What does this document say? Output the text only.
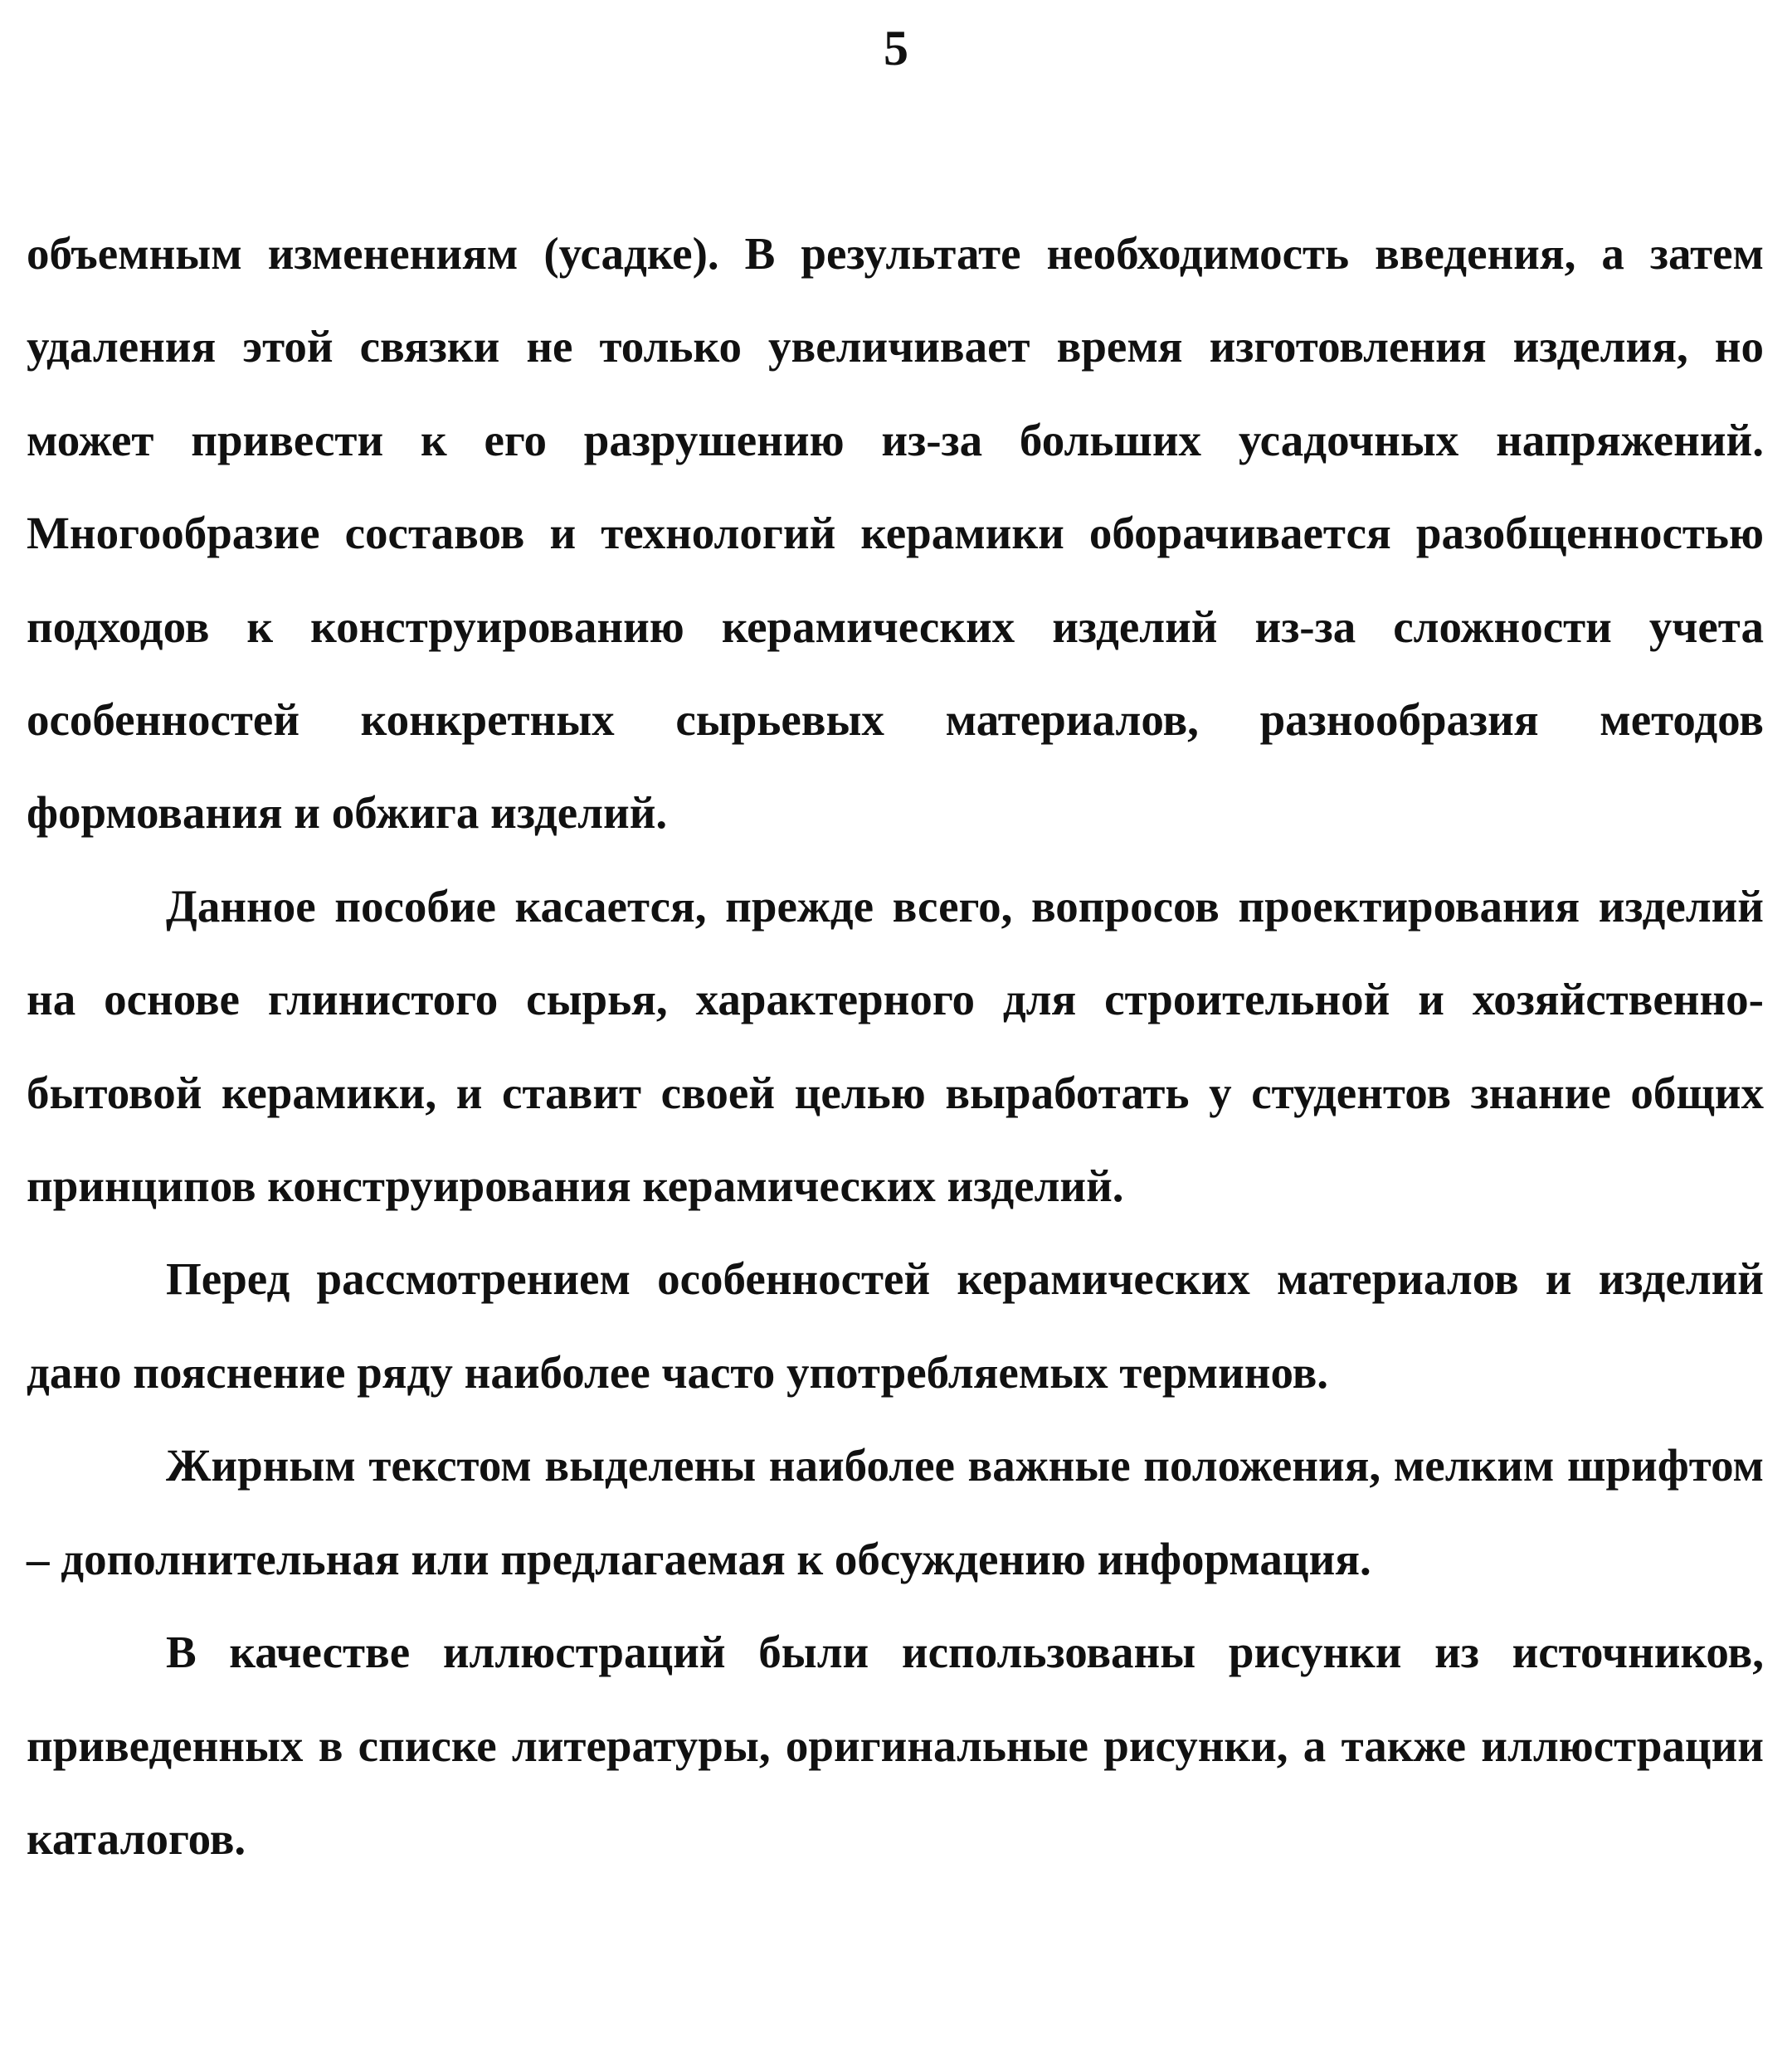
5

объемным изменениям (усадке). В результате необходимость введения, а затем удаления этой связки не только увеличивает время изготовления изделия, но может привести к его разрушению из-за больших усадочных напряжений. Многообразие составов и технологий керамики оборачивается разобщенностью подходов к конструированию керамических изделий из-за сложности учета особенностей конкретных сырьевых материалов, разнообразия методов формования и обжига изделий.

Данное пособие касается, прежде всего, вопросов проектирования изделий на основе глинистого сырья, характерного для строительной и хозяйственно-бытовой керамики, и ставит своей целью выработать у студентов знание общих принципов конструирования керамических изделий.

Перед рассмотрением особенностей керамических материалов и изделий дано пояснение ряду наиболее часто употребляемых терминов.

Жирным текстом выделены наиболее важные положения, мелким шрифтом – дополнительная или предлагаемая к обсуждению информация.

В качестве иллюстраций были использованы рисунки из источников, приведенных в списке литературы, оригинальные рисунки, а также иллюстрации каталогов.
